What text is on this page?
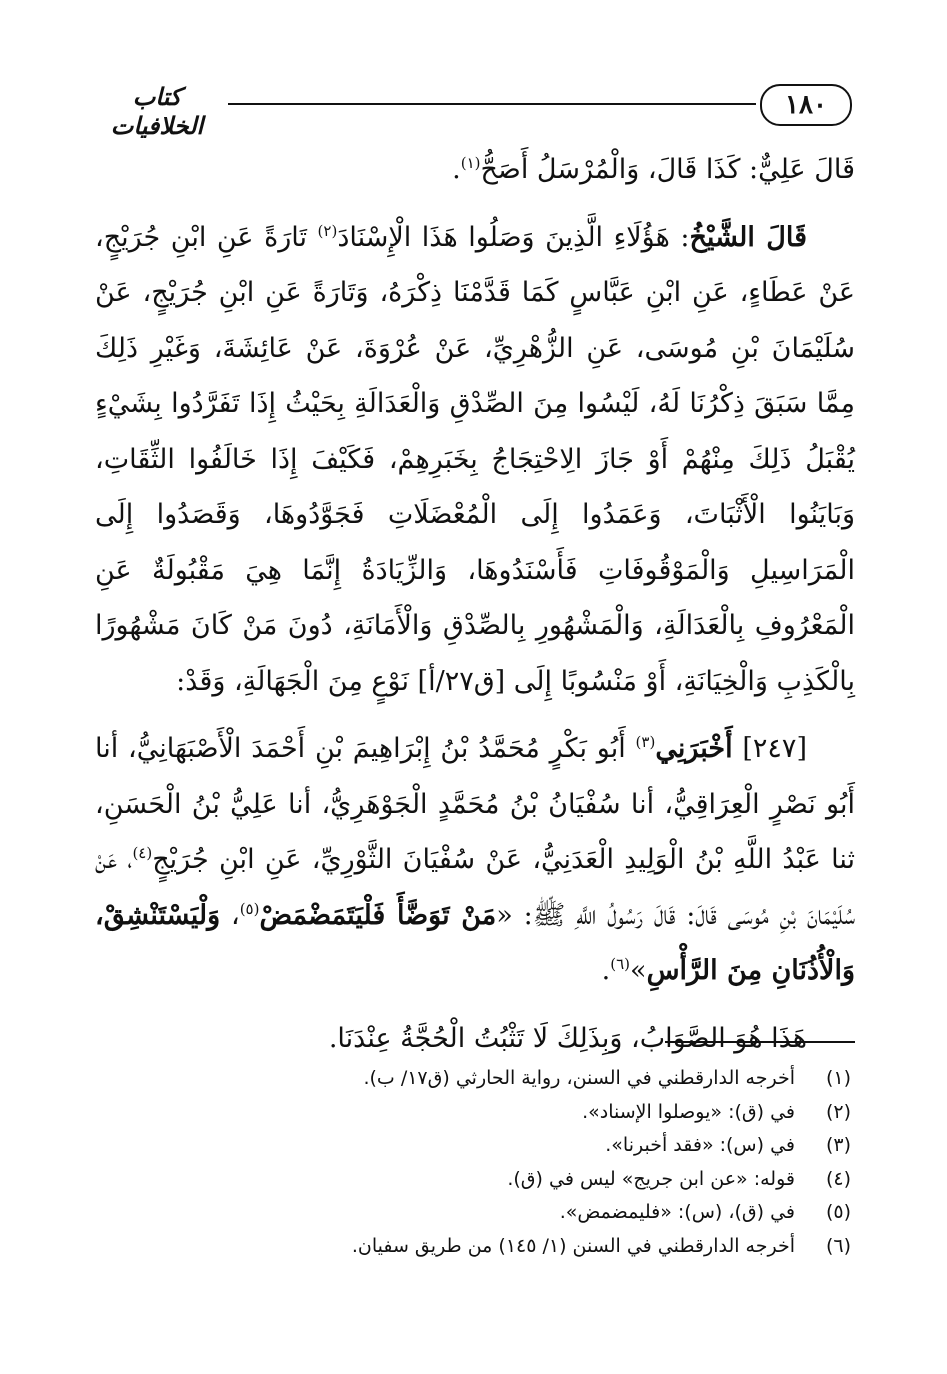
١٨٠
كتاب الخلافيات

قَالَ عَلِيٌّ: كَذَا قَالَ، وَالْمُرْسَلُ أَصَحُّ$^{(١)}$.

قَالَ الشَّيْخُ: هَؤُلَاءِ الَّذِينَ وَصَلُوا هَذَا الْإِسْنَادَ$^{(٢)}$ تَارَةً عَنِ ابْنِ جُرَيْجٍ، عَنْ عَطَاءٍ، عَنِ ابْنِ عَبَّاسٍ كَمَا قَدَّمْنَا ذِكْرَهُ، وَتَارَةً عَنِ ابْنِ جُرَيْجٍ، عَنْ سُلَيْمَانَ بْنِ مُوسَى، عَنِ الزُّهْرِيِّ، عَنْ عُرْوَةَ، عَنْ عَائِشَةَ، وَغَيْرِ ذَلِكَ مِمَّا سَبَقَ ذِكْرُنَا لَهُ، لَيْسُوا مِنَ الصِّدْقِ وَالْعَدَالَةِ بِحَيْثُ إِذَا تَفَرَّدُوا بِشَيْءٍ يُقْبَلُ ذَلِكَ مِنْهُمْ أَوْ جَازَ الِاحْتِجَاجُ بِخَبَرِهِمْ، فَكَيْفَ إِذَا خَالَفُوا الثِّقَاتِ، وَبَايَنُوا الْأَثْبَاتَ، وَعَمَدُوا إِلَى الْمُعْضَلَاتِ فَجَوَّدُوهَا، وَقَصَدُوا إِلَى الْمَرَاسِيلِ وَالْمَوْقُوفَاتِ فَأَسْنَدُوهَا، وَالزِّيَادَةُ إِنَّمَا هِيَ مَقْبُولَةٌ عَنِ الْمَعْرُوفِ بِالْعَدَالَةِ، وَالْمَشْهُورِ بِالصِّدْقِ وَالْأَمَانَةِ، دُونَ مَنْ كَانَ مَشْهُورًا بِالْكَذِبِ وَالْخِيَانَةِ، أَوْ مَنْسُوبًا إِلَى [ق٢٧/أ] نَوْعٍ مِنَ الْجَهَالَةِ، وَقَدْ:

[٢٤٧] أَخْبَرَنِي$^{(٣)}$ أَبُو بَكْرٍ مُحَمَّدُ بْنُ إِبْرَاهِيمَ بْنِ أَحْمَدَ الْأَصْبَهَانِيُّ، أنا أَبُو نَصْرٍ الْعِرَاقِيُّ، أنا سُفْيَانُ بْنُ مُحَمَّدٍ الْجَوْهَرِيُّ، أنا عَلِيُّ بْنُ الْحَسَنِ، ثنا عَبْدُ اللَّهِ بْنُ الْوَلِيدِ الْعَدَنِيُّ، عَنْ سُفْيَانَ الثَّوْرِيِّ، عَنِ ابْنِ جُرَيْجٍ$^{(٤)}$، عَنْ سُلَيْمَانَ بْنِ مُوسَى قَالَ: قَالَ رَسُولُ اللَّهِ ﷺ: «مَنْ تَوَضَّأَ فَلْيَتَمَضْمَضْ$^{(٥)}$، وَلْيَسْتَنْشِقْ، وَالْأُذُنَانِ مِنَ الرَّأْسِ»$^{(٦)}$.

هَذَا هُوَ الصَّوَابُ، وَبِذَلِكَ لَا تَثْبُتُ الْحُجَّةُ عِنْدَنَا.

(١)
أخرجه الدارقطني في السنن، رواية الحارثي (ق١٧/ ب).
(٢)
في (ق): «يوصلوا الإسناد».
(٣)
في (س): «فقد أخبرنا».
(٤)
قوله: «عن ابن جريج» ليس في (ق).
(٥)
في (ق)، (س): «فليمضمض».
(٦)
أخرجه الدارقطني في السنن (١/ ١٤٥) من طريق سفيان.
